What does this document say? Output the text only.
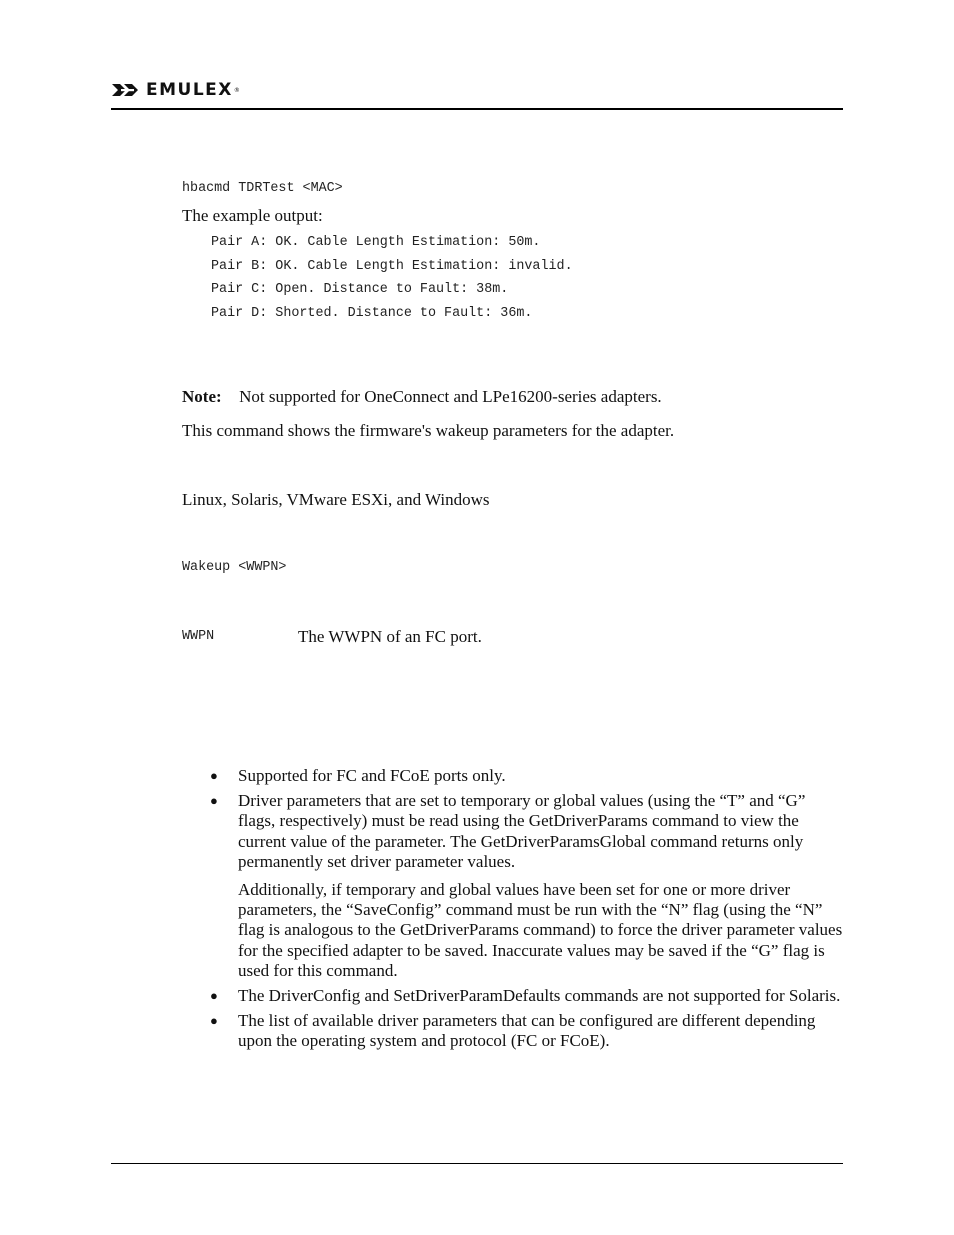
EMULEX ®
hbacmd TDRTest <MAC>
The example output:
Pair A: OK. Cable Length Estimation: 50m.
Pair B: OK. Cable Length Estimation: invalid.
Pair C: Open. Distance to Fault: 38m.
Pair D: Shorted. Distance to Fault: 36m.
Note: Not supported for OneConnect and LPe16200-series adapters.
This command shows the firmware's wakeup parameters for the adapter.
Linux, Solaris, VMware ESXi, and Windows
Wakeup <WWPN>
WWPN	The WWPN of an FC port.
● Supported for FC and FCoE ports only.

● Driver parameters that are set to temporary or global values (using the “T” and “G” flags, respectively) must be read using the GetDriverParams command to view the current value of the parameter. The GetDriverParamsGlobal command returns only permanently set driver parameter values.

Additionally, if temporary and global values have been set for one or more driver parameters, the “SaveConfig” command must be run with the “N” flag (using the “N” flag is analogous to the GetDriverParams command) to force the driver parameter values for the specified adapter to be saved. Inaccurate values may be saved if the “G” flag is used for this command.

● The DriverConfig and SetDriverParamDefaults commands are not supported for Solaris.

● The list of available driver parameters that can be configured are different depending upon the operating system and protocol (FC or FCoE).
